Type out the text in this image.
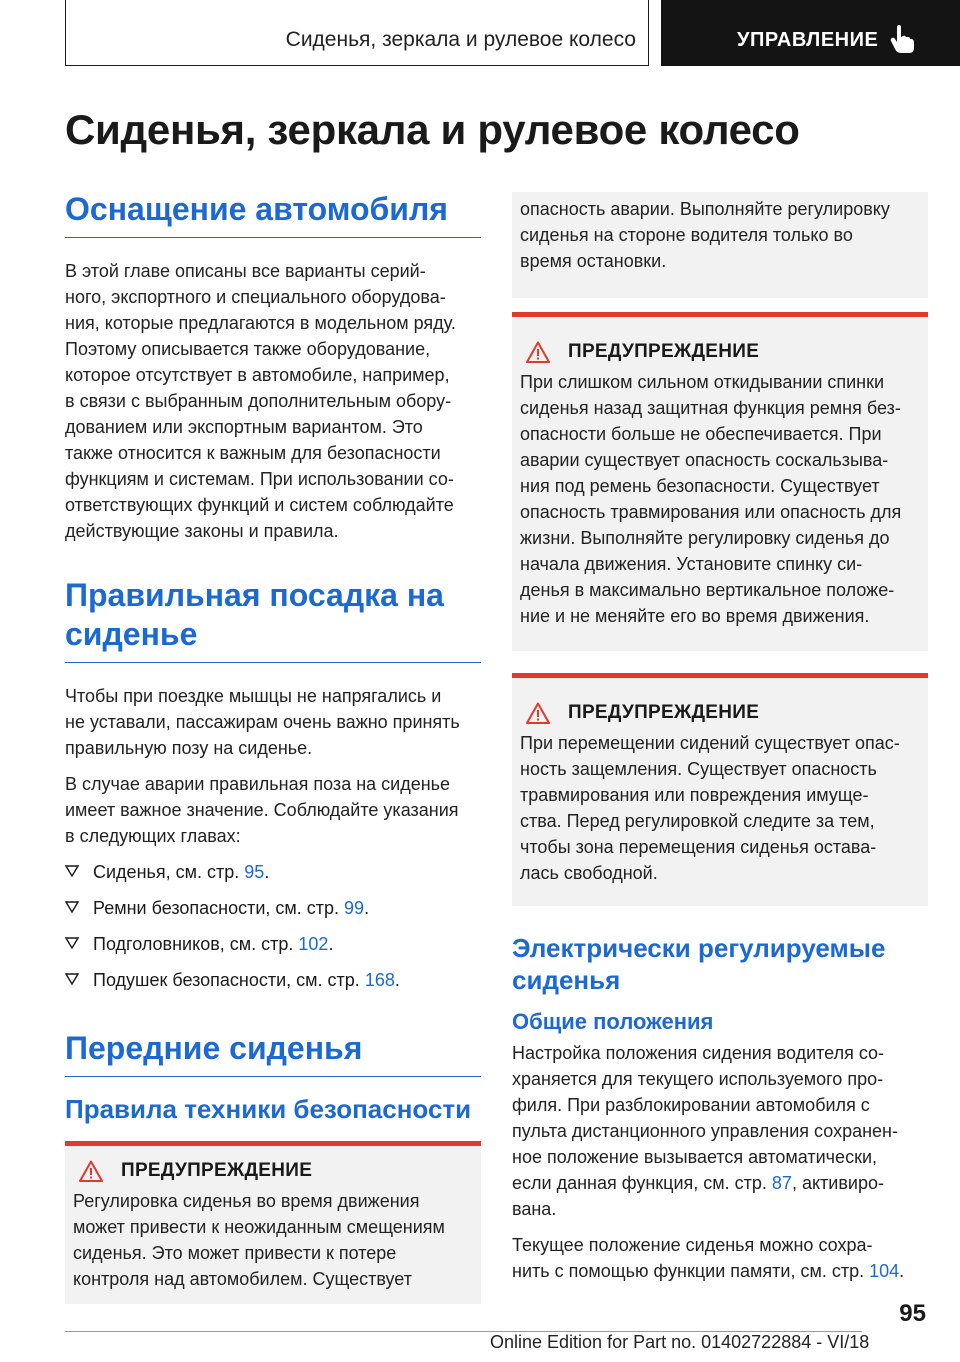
Сиденья, зеркала и рулевое колесо	УПРАВЛЕНИЕ
Сиденья, зеркала и рулевое колесо
Оснащение автомобиля

В этой главе описаны все варианты серий-
ного, экспортного и специального оборудова-
ния, которые предлагаются в модельном ряду.
Поэтому описывается также оборудование,
которое отсутствует в автомобиле, например,
в связи с выбранным дополнительным обору-
дованием или экспортным вариантом. Это
также относится к важным для безопасности
функциям и системам. При использовании со-
ответствующих функций и систем соблюдайте
действующие законы и правила.

Правильная посадка на
сиденье

Чтобы при поездке мышцы не напрягались и
не уставали, пассажирам очень важно принять
правильную позу на сиденье.

В случае аварии правильная поза на сиденье
имеет важное значение. Соблюдайте указания
в следующих главах:

Сиденья, см. стр. 95.
Ремни безопасности, см. стр. 99.
Подголовников, см. стр. 102.
Подушек безопасности, см. стр. 168.
Передние сиденья
Правила техники безопасности
ПРЕДУПРЕЖДЕНИЕ

Регулировка сиденья во время движения
может привести к неожиданным смещениям
сиденья. Это может привести к потере
контроля над автомобилем. Существует

опасность аварии. Выполняйте регулировку
сиденья на стороне водителя только во
время остановки.

ПРЕДУПРЕЖДЕНИЕ

При слишком сильном откидывании спинки
сиденья назад защитная функция ремня без-
опасности больше не обеспечивается. При
аварии существует опасность соскальзыва-
ния под ремень безопасности. Существует
опасность травмирования или опасность для
жизни. Выполняйте регулировку сиденья до
начала движения. Установите спинку си-
денья в максимально вертикальное положе-
ние и не меняйте его во время движения.

ПРЕДУПРЕЖДЕНИЕ

При перемещении сидений существует опас-
ность защемления. Существует опасность
травмирования или повреждения имуще-
ства. Перед регулировкой следите за тем,
чтобы зона перемещения сиденья остава-
лась свободной.

Электрически регулируемые
сиденья
Общие положения

Настройка положения сидения водителя со-
храняется для текущего используемого про-
филя. При разблокировании автомобиля с
пульта дистанционного управления сохранен-
ное положение вызывается автоматически,
если данная функция, см. стр. 87, активиро-
вана.

Текущее положение сиденья можно сохра-
нить с помощью функции памяти, см. стр. 104.

95
Online Edition for Part no. 01402722884 - VI/18
